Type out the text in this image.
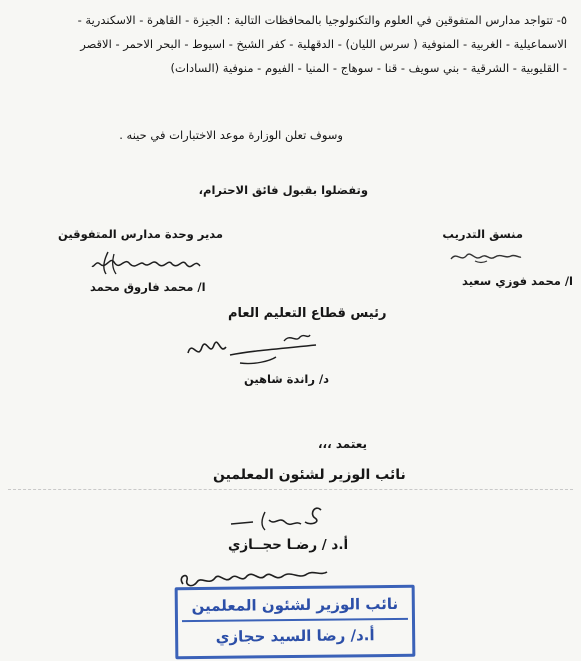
٥- تتواجد مدارس المتفوقين في العلوم والتكنولوجيا بالمحافظات التالية : الجيزة - القاهرة - الاسكندرية -
الاسماعيلية - الغربية - المنوفية ( سرس الليان) - الدقهلية - كفر الشيخ - اسيوط - البحر الاحمر - الاقصر
- القليوبية - الشرقية - بني سويف - قنا - سوهاج - المنيا - الفيوم - منوفية (السادات)
وسوف تعلن الوزارة موعد الاختبارات في حينه .
وتفضلوا بقبول فائق الاحترام،
منسق التدريب
ا/ محمد فوزي سعيد
مدير وحدة مدارس المتفوقين
ا/ محمد فاروق محمد
رئيس قطاع التعليم العام
د/ راندة شاهين
يعتمد ،،،
نائب الوزير لشئون المعلمين
أ.د / رضـا حجــازي
نائب الوزير لشئون المعلمين
أ.د/ رضا السيد حجازي
